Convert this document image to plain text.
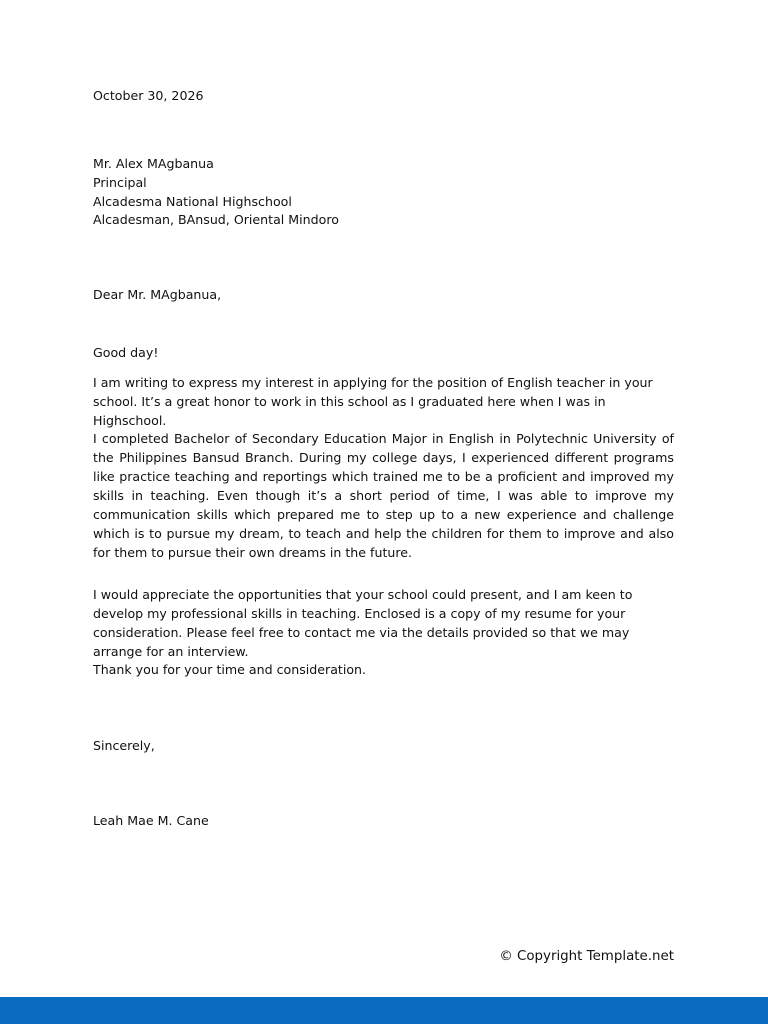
October 30, 2026
Mr. Alex MAgbanua
Principal
Alcadesma National Highschool
Alcadesman, BAnsud, Oriental Mindoro
Dear Mr. MAgbanua,
Good day!
I am writing to express my interest in applying for the position of English teacher in your school. It’s a great honor to work in this school as I graduated here when I was in Highschool.
I completed Bachelor of Secondary Education Major in English in Polytechnic University of the Philippines Bansud Branch. During my college days, I experienced different programs like practice teaching and reportings which trained me to be a proficient and improved my skills in teaching. Even though it’s a short period of time, I was able to improve my communication skills which prepared me to step up to a new experience and challenge which is to pursue my dream, to teach and help the children for them to improve and also for them to pursue their own dreams in the future.
I would appreciate the opportunities that your school could present, and I am keen to develop my professional skills in teaching. Enclosed is a copy of my resume for your consideration. Please feel free to contact me via the details provided so that we may arrange for an interview.
Thank you for your time and consideration.
Sincerely,
Leah Mae M. Cane
© Copyright Template.net
